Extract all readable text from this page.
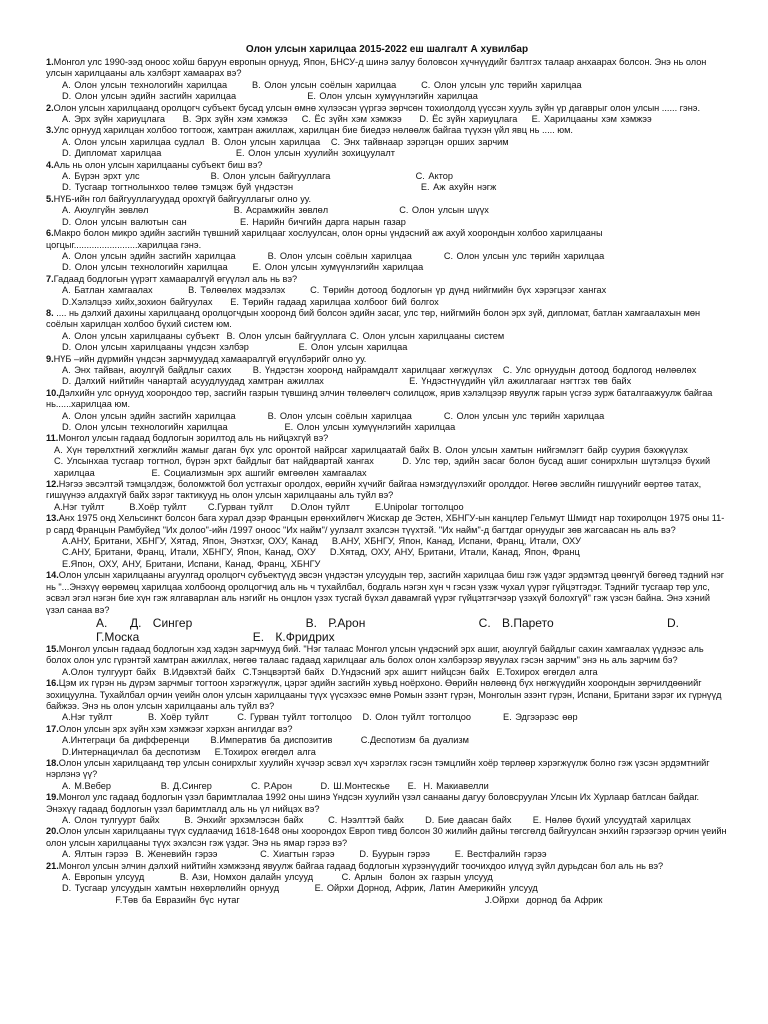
Олон улсын харилцаа 2015-2022 еш шалгалт А хувилбар

1.Монгол улс 1990-ээд оноос хойш баруун европын орнууд, Япон, БНСУ-д шинэ залуу боловсон хүчнүүдийг бэлтгэх талаар анхаарах болсон. Энэ нь олон улсын харилцааны аль хэлбэрт хамаарах вэ?

А. Олон улсын технологийн харилцаа       В. Олон улсын соёлын харилцаа       С. Олон улсын улс төрийн харилцаа

D. Олон улсын эдийн засгийн харилцаа                    Е. Олон улсын хумүүнлэгийн харилцаа

2.Олон улсын харилцаанд оролцогч субъект бусад улсын өмнө хүлээсэн үүргээ зөрчсөн тохиолдолд үүссэн хууль зүйн үр дагаврыг олон улсын ...... гэнэ.

А. Эрх зүйн хариуцлага     В. Эрх зүйн хэм хэмжээ    С. Ёс зүйн хэм хэмжээ     D. Ёс зүйн хариуцлага    Е. Харилцааны хэм хэмжээ

3.Улс орнууд харилцан холбоо тогтоож, хамтран ажиллаж, харилцан бие биедээ нөлөөлж байгаа түүхэн үйл явц нь ..... юм.

А. Олон улсын харилцаа судлал  В. Олон улсын харилцаа   С. Энх тайвнаар зэрэгцэн орших зарчим

D. Дипломат харилцаа                     Е. Олон улсын хуулийн зохицуулалт

4.Аль нь олон улсын харилцааны субъект биш вэ?

А. Бүрэн эрхт улс                    В. Олон улсын байгууллага                        С. Актор

D. Тусгаар тогтнолынхоо төлөө тэмцэж буй үндэстэн                                    Е. Аж ахуйн нэгж

5.НҮБ-ийн гол байгууллагуудад орохгүй байгууллагыг олно уу.

А. Аюулгүйн зөвлөл                        В. Асрамжийн зөвлөл                    С. Олон улсын шүүх

D. Олон улсын валютын сан               Е. Нарийн бичгийн дарга нарын газар

6.Макро болон микро эдийн засгийн түвшний харилцааг хослуулсан, олон орны үндэсний аж ахуй хоорондын холбоо харилцааны цогцыг.........................харилцаа гэнэ.

А. Олон улсын эдийн засгийн харилцаа         В. Олон улсын соёлын харилцаа         С. Олон улсын улс төрийн харилцаа

D. Олон улсын технологийн харилцаа       Е. Олон улсын хумүүнлэгийн харилцаа

7.Гадаад бодлогын үүрэгт хамааралгүй өгүүлэл аль нь вэ?

А. Батлан хамгаалах          В. Төлөөлөх мэдээлэх       С. Төрийн дотоод бодлогын үр дүнд нийгмийн бүх хэрэгцээг хангах

D.Хэлэлцээ хийх,зохион байгуулах     Е. Төрийн гадаад харилцаа холбоог бий болгох

8. .... нь дэлхий дахины харилцаанд оролцогчдын хооронд бий болсон эдийн засаг, улс төр, нийгмийн болон эрх зүй, дипломат, батлан хамгаалахын мөн соёлын харилцан холбоо бүхий систем юм.

А. Олон улсын харилцааны субъект  В. Олон улсын байгууллага С. Олон улсын харилцааны систем

D. Олон улсын харилцааны үндсэн хэлбэр              Е. Олон улсын харилцаа

9.НҮБ –ийн дүрмийн үндсэн зарчмуудад хамааралгүй өгүүлбэрийг олно уу.

А. Энх тайван, аюулгүй байдлыг сахих      В. Үндэстэн хооронд найрамдалт харилцааг хөгжүүлэх   С. Улс орнуудын дотоод бодлогод нөлөөлөх

D. Дэлхий нийтийн чанартай асуудлуудад хамтран ажиллах                        Е. Үндэстнүүдийн үйл ажиллагааг нэгтгэх төв байх

10.Дэлхийн улс орнууд хоорондоо төр, засгийн газрын түвшинд элчин төлөөлөгч солилцож, ярив хэлэлцээр явуулж гарын үсгээ зурж баталгаажуулж байгаа нь......харилцаа юм.

А. Олон улсын эдийн засгийн харилцаа         В. Олон улсын соёлын харилцаа         С. Олон улсын улс төрийн харилцаа

D. Олон улсын технологийн харилцаа                Е. Олон улсын хумүүнлэгийн харилцаа

11.Монгол улсын гадаад бодлогын зорилтод аль нь нийцэхгүй вэ?

А. Хүн төрөлхтний хөгжлийн жамыг даган бүх улс оронтой найрсаг харилцаатай байх В. Олон улсын хамтын нийгэмлэгт байр суурия бэхжүүлэх

С. Улсынхаа тусгаар тогтнол, бүрэн эрхт байдлыг бат найдвартай хангах        D. Улс төр, эдийн засаг болон бусад ашиг сонирхлын шүтэлцээ бүхий харилцаа                Е. Социализмын эрх ашгийг өмгөөлөн хамгаалах

12.Нэгээ эвсэлтэй тэмцэлдэж, боломжтой бол устгахыг оролдох, өөрийн хүчийг байгаа нэмэгдүүлэхийг оролддог. Нөгөө эвслийн гишүүнийг өөртөө татах, гишүүнээ алдахгүй байх зэрэг тактикууд нь олон улсын харилцааны аль туйл вэ?

А.Нэг туйлт       В.Хоёр туйлт      С.Гурван туйлт     D.Олон туйлт       Е.Unipolar тогтолцоо

13.Анх 1975 онд Хельсинкт болсон бага хурал дээр Францын ерөнхийлөгч Жискар де Эстен, ХБНГУ-ын канцлер Гельмут Шмидт нар тохиролцон 1975 оны 11-р сард Францын Рамбуйед "Их долоо"-ийн /1997 оноос "Их найм"/ уулзалт эхэлсэн түүхтэй. "Их найм"-д багтдаг орнуудыг зөв жагсаасан нь аль вэ?

А.АНУ, Британи, ХБНГУ, Хятад, Япон, Энэтхэг, ОХУ, Канад    В.АНУ, ХБНГУ, Япон, Канад, Испани, Франц, Итали, ОХУ

С.АНУ, Британи, Франц, Итали, ХБНГУ, Япон, Канад, ОХУ    D.Хятад, ОХУ, АНУ, Британи, Итали, Канад, Япон, Франц

Е.Япон, ОХУ, АНУ, Британи, Испани, Канад, Франц, ХБНГУ

14.Олон улсын харилцааны агуулгад оролцогч субъектүүд эвсэн үндэстэн улсуудын төр, засгийн харилцаа биш гэж үздэг эрдэмтэд цөөнгүй бөгөөд тэдний нэг нь "...Энэхүү өөрөмөц харилцаа холбоонд оролцогчид аль нь ч тухайлбал, бодгаль нэгэн хүн ч гэсэн үзэж чухал үүрэг гүйцэтгэдэг. Тэднийг тусгаар төр улс, эсвэл эгэл нэгэн бие хүн гэж ялгаварлан аль нэгийг нь онцлон үзэх тусгай бүхэл давамгай үүрэг гүйцэтгэгчээр үзэхүй болохгүй" гэж үзсэн байна. Энэ хэний үзэл санаа вэ?

А.  Д. Сингер          В. Р.Арон          С. В.Парето          D. Г.Моска          Е. К.Фридрих

15.Монгол улсын гадаад бодлогын хэд хэдэн зарчмууд бий. "Нэг талаас Монгол улсын үндэсний эрх ашиг, аюулгүй байдлыг сахин хамгаалах үүднээс аль болох олон улс гүрэнтэй хамтран ажиллах, нөгөө талаас гадаад харилцааг аль болох олон хэлбэрээр явуулах гэсэн зарчим" энэ нь аль зарчим бэ?

А.Олон тулгуурт байх  В.Идэвхтэй байх  С.Тэнцвэртэй байх  D.Үндэсний эрх ашигт нийцсэн байх  Е.Тохирох өгөгдөл алга

16.Цэм их гүрэн нь дүрэм зарчмыг тогтоон хэрэгжүүлж, цэрэг эдийн засгийн хувьд ноёрхоно. Өөрийн нөлөөнд бүх нөгжүүдийн хоорондын зөрчилдөөнийг зохицуулна. Тухайлбал орчин үеийн олон улсын харилцааны түүх үүсэхээс өмнө Ромын эзэнт гүрэн, Монголын эзэнт гүрэн, Испани, Британи зэрэг их гүрнүүд байжээ. Энэ нь олон улсын харилцааны аль туйл вэ?

А.Нэг туйлт          В. Хоёр туйлт        С. Гурван туйлт тогтолцоо   D. Олон туйлт тогтолцоо         Е. Эдгээрээс өөр

17.Олон улсын эрх зүйн хэм хэмжээг хэрхэн ангилдаг вэ?

А.Интеграци ба дифференци      В.Императив ба диспозитив        С.Деспотизм ба дуализм

D.Интернацичлал ба деспотизм    Е.Тохирох өгөгдөл алга

18.Олон улсын харилцаанд төр улсын сонирхлыг хуулийн хүчээр эсвэл хүч хэрэглэх гэсэн тэмцлийн хоёр төрлөөр хэрэгжүүлж болно гэж үзсэн эрдэмтнийг нэрлэнэ үү?

А. М.Вебер              В. Д.Сингер           С. Р.Арон        D. Ш.Монтескье     Е.  Н. Макиавелли

19.Монгол улс гадаад бодлогын үзэл баримтлалаа 1992 оны шинэ Үндсэн хуулийн үзэл санааны дагуу боловсруулан Улсын Их Хурлаар батлсан байдаг. Энэхүү гадаад бодлогын үзэл баримтлалд аль нь үл нийцэх вэ?

А. Олон тулгуурт байх       В. Энхийг эрхэмлэсэн байх       С. Нээлттэй байх      D. Бие даасан байх      Е. Нөлөө бүхий улсуудтай харилцах

20.Олон улсын харилцааны түүх судлаачид 1618-1648 оны хоорондох Европ тивд болсон 30 жилийн дайны төгсгөлд байгуулсан энхийн гэрээгээр орчин үеийн олон улсын харилцааны түүх эхэлсэн гэж үздэг. Энэ нь ямар гэрээ вэ?

А. Ялтын гэрээ  В. Женевийн гэрээ            С. Хиагтын гэрээ       D. Буурын гэрээ       Е. Вестфалийн гэрээ

21.Монгол улсын элчин дэлхий нийтийн хэмжээнд явуулж байгаа гадаад бодлогын хүрээнүүдийг тоочихдоо илүүд зүйл дурьдсан бол аль нь вэ?

А. Европын улсууд          В. Ази, Номхон далайн улсууд        С. Арлын  болон эх газрын улсууд

D. Тусгаар улсуудын хамтын нөхөрлөлийн орнууд          Е. Ойрхи Дорнод, Африк, Латин Америкийн улсууд

F.Төв ба Евразийн бүс нутаг                                                                     J.Ойрхи  дорнод ба Африк
